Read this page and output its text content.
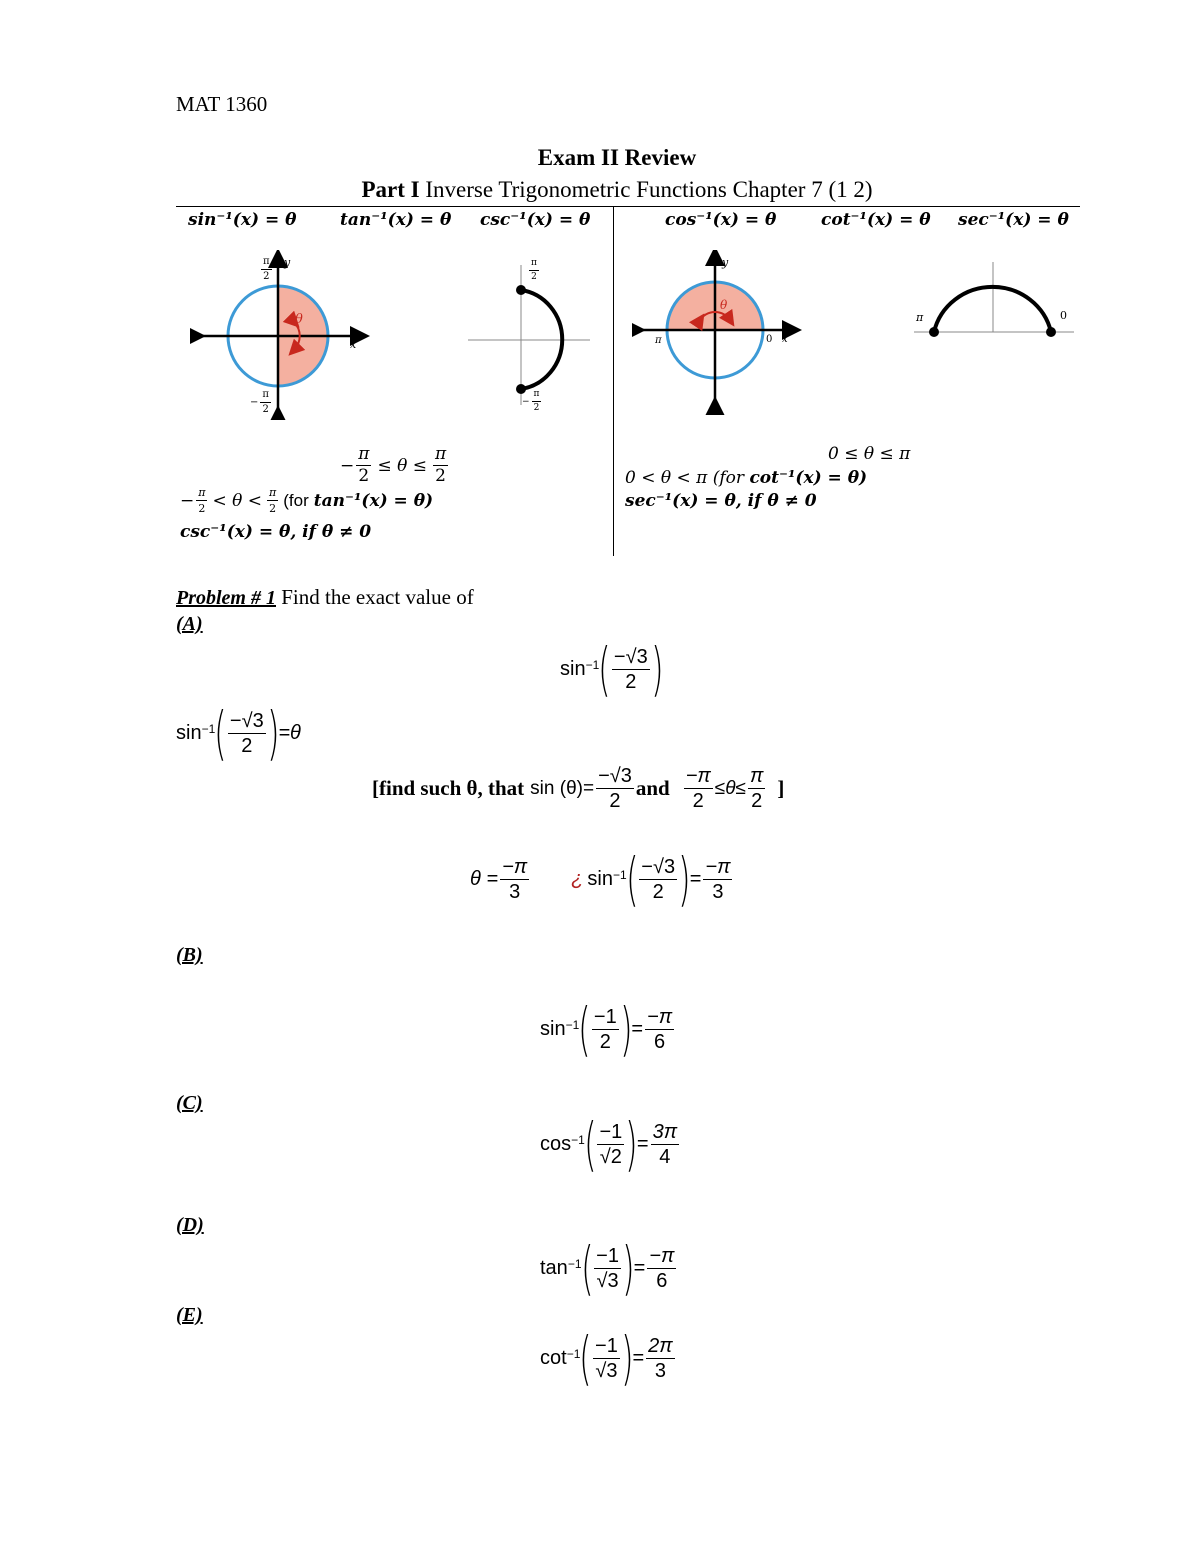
MAT 1360
Exam II Review
Part I Inverse Trigonometric Functions Chapter 7 (1 2)
sin⁻¹(x) = θ	tan⁻¹(x) = θ csc⁻¹(x) = θ	cos⁻¹(x) = θ	cot⁻¹(x) = θ sec⁻¹(x) = θ
θ
x
y
$\frac{\pi}{2}$
− $\frac{\pi}{2}$
$\frac{\pi}{2}$
− $\frac{\pi}{2}$
θ
y
π	0 x
π	0
− $\frac{\pi}{2} \le \theta \le \frac{\pi}{2}$
− $\frac{\pi}{2} < \theta < \frac{\pi}{2} (for$ tan⁻¹(x) = θ)
csc⁻¹(x) = θ, if θ ≠ 0
0 ≤ θ ≤ π
0 < θ < π (for cot⁻¹(x) = θ)
sec⁻¹(x) = θ, if θ ≠ 0
Problem # 1 Find the exact value of
(A)
$\sin^{-1}$ ( $\frac{-√3}{2}$ )
$\sin^{-1}$ ( $\frac{-√3}{2}$ ) =θ
[find such θ, that $\sin (\theta)= \frac{-√3}{2}$ and $\frac{-\pi}{2} \le\theta\le \frac{\pi}{2}$ ]
$\theta = \frac{-\pi}{3}$ ¿ $\sin^{-1}$ ( $\frac{-√3}{2}$ ) = $\frac{-\pi}{3}$
(B)
$\sin^{-1}$ ( $\frac{-1}{2}$ ) = $\frac{-\pi}{6}$
(C)
$\cos^{-1}$ ( $\frac{-1}{√2}$ ) = $\frac{3\pi}{4}$
(D)
$\tan^{-1}$ ( $\frac{-1}{√3}$ ) = $\frac{-\pi}{6}$
(E)
$\cot^{-1}$ ( $\frac{-1}{√3}$ ) = $\frac{2\pi}{3}$
